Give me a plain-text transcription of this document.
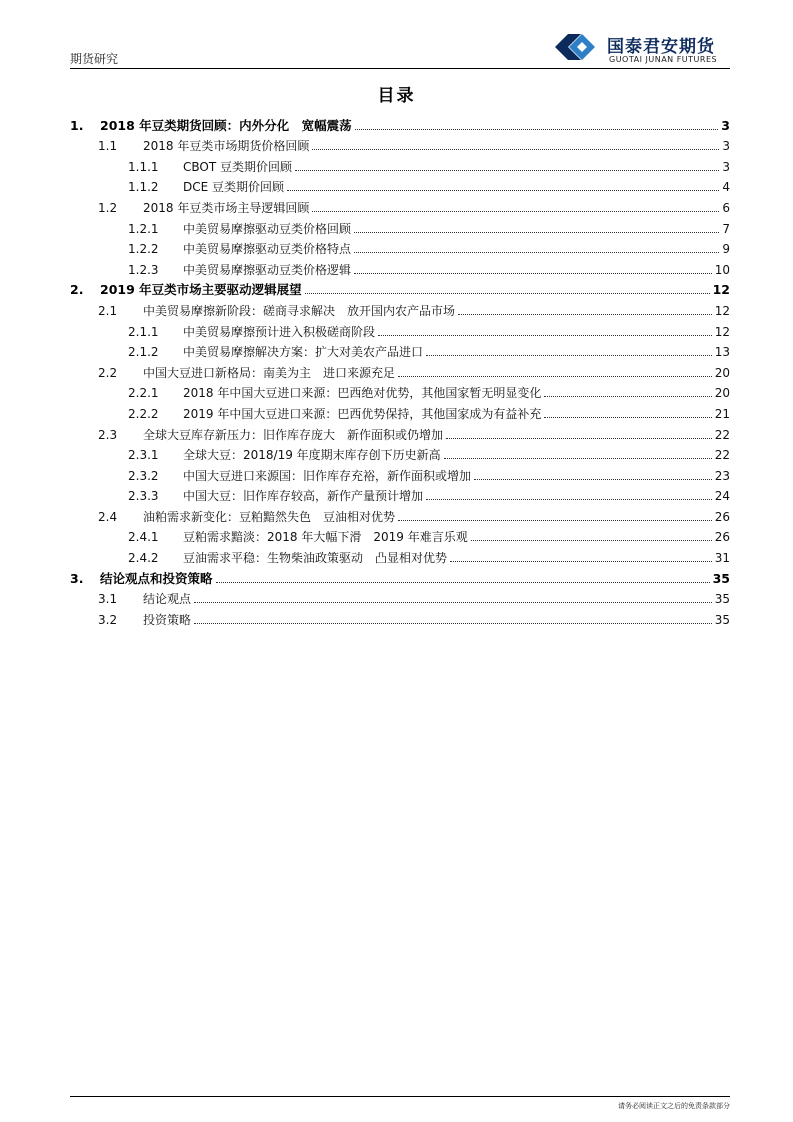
期货研究
国泰君安期货
GUOTAI JUNAN FUTURES
目录
1.	2018 年豆类期货回顾：内外分化　宽幅震荡	3
1.1	2018 年豆类市场期货价格回顾	3
1.1.1	CBOT 豆类期价回顾	3
1.1.2	DCE 豆类期价回顾	4
1.2	2018 年豆类市场主导逻辑回顾	6
1.2.1	中美贸易摩擦驱动豆类价格回顾	7
1.2.2	中美贸易摩擦驱动豆类价格特点	9
1.2.3	中美贸易摩擦驱动豆类价格逻辑	10
2.	2019 年豆类市场主要驱动逻辑展望	12
2.1	中美贸易摩擦新阶段：磋商寻求解决　放开国内农产品市场	12
2.1.1	中美贸易摩擦预计进入积极磋商阶段	12
2.1.2	中美贸易摩擦解决方案：扩大对美农产品进口	13
2.2	中国大豆进口新格局：南美为主　进口来源充足	20
2.2.1	2018 年中国大豆进口来源：巴西绝对优势，其他国家暂无明显变化	20
2.2.2	2019 年中国大豆进口来源：巴西优势保持，其他国家成为有益补充	21
2.3	全球大豆库存新压力：旧作库存庞大　新作面积或仍增加	22
2.3.1	全球大豆：2018/19 年度期末库存创下历史新高	22
2.3.2	中国大豆进口来源国：旧作库存充裕，新作面积或增加	23
2.3.3	中国大豆：旧作库存较高，新作产量预计增加	24
2.4	油粕需求新变化：豆粕黯然失色　豆油相对优势	26
2.4.1	豆粕需求黯淡：2018 年大幅下滑　2019 年难言乐观	26
2.4.2	豆油需求平稳：生物柴油政策驱动　凸显相对优势	31
3.	结论观点和投资策略	35
3.1	结论观点	35
3.2	投资策略	35
请务必阅读正文之后的免责条款部分
